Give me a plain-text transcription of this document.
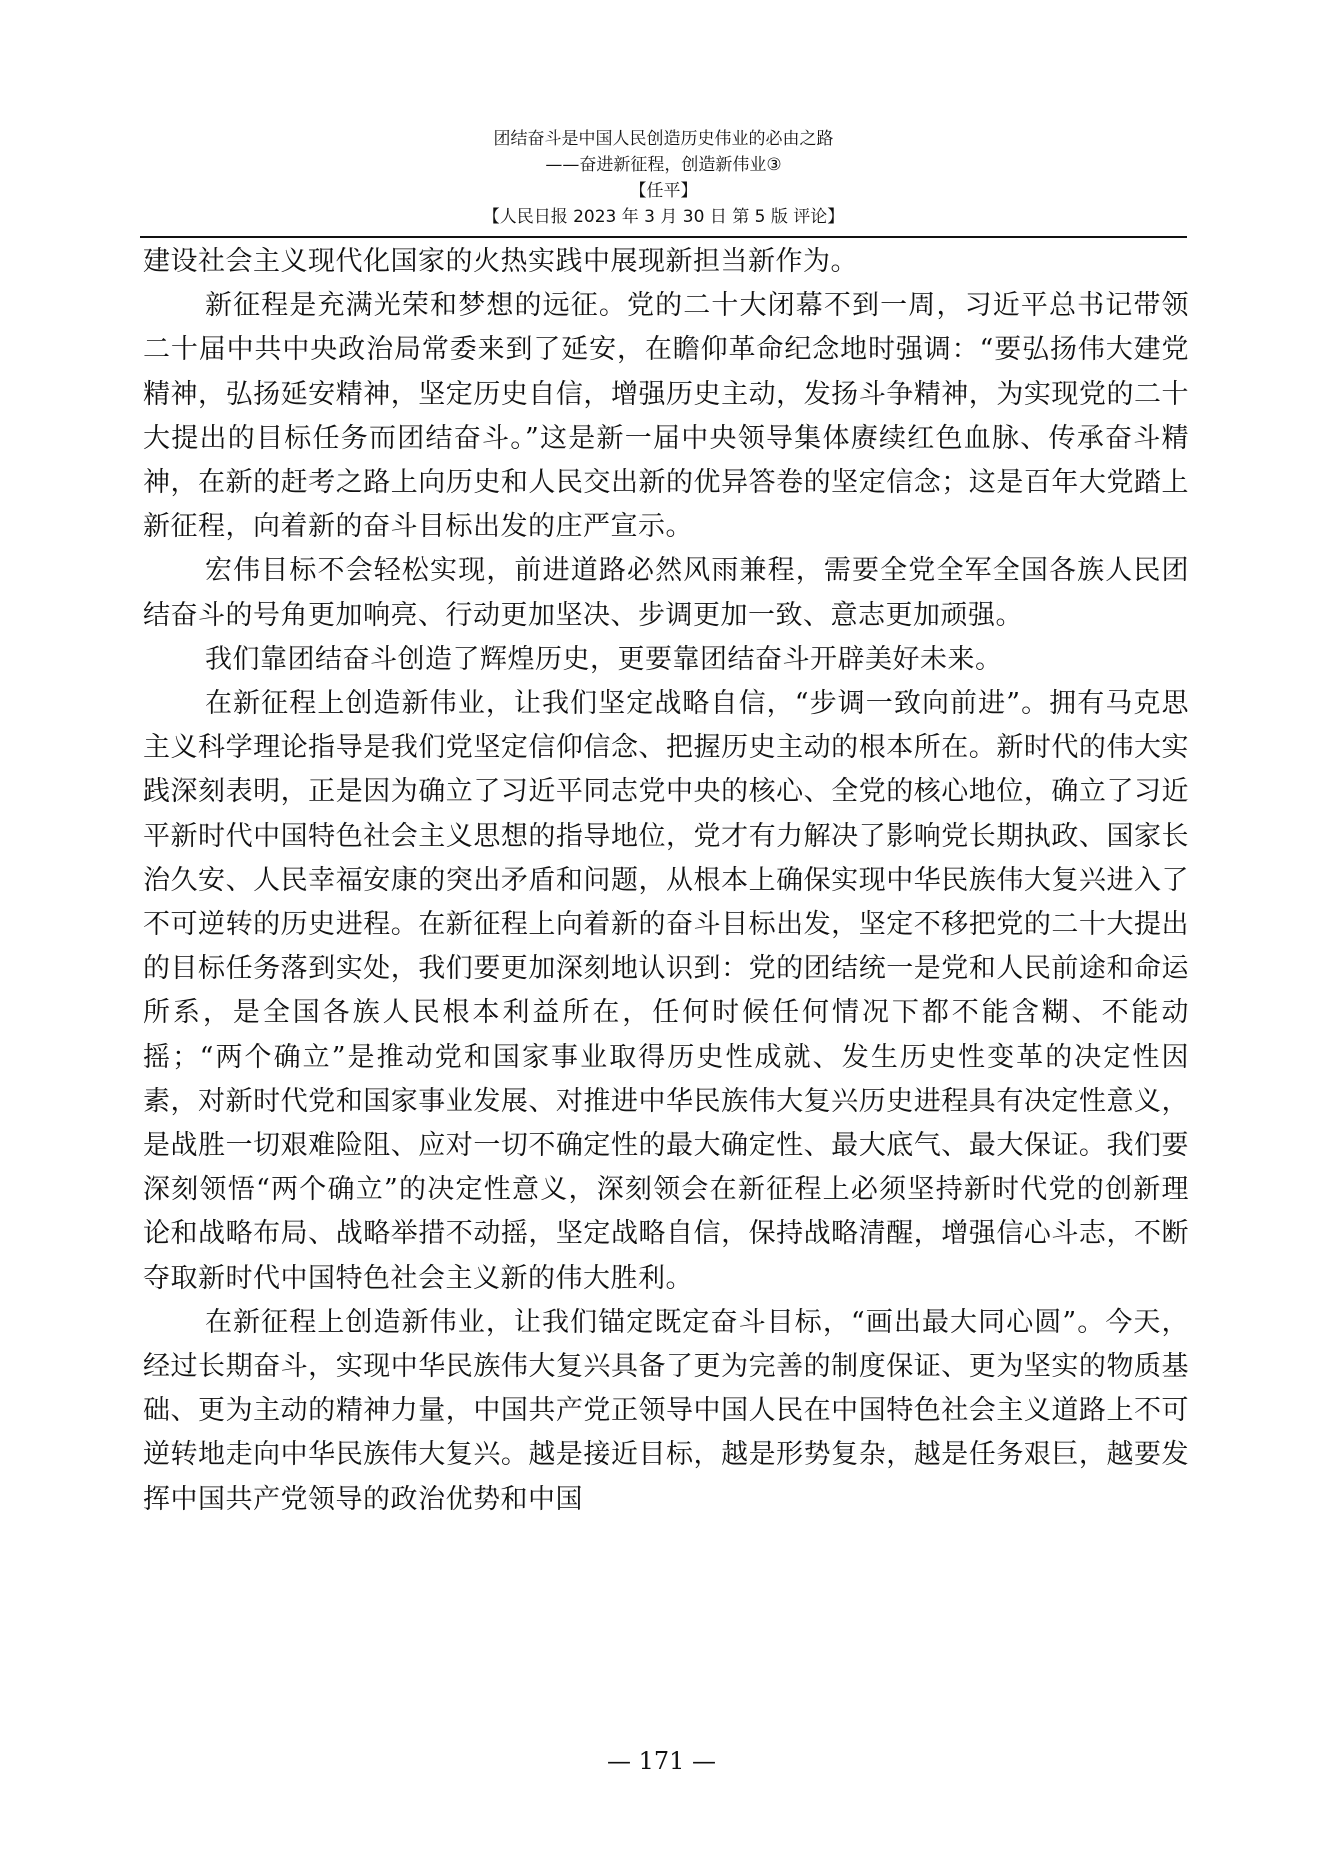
团结奋斗是中国人民创造历史伟业的必由之路
——奋进新征程，创造新伟业③
【任平】
【人民日报 2023 年 3 月 30 日 第 5 版 评论】

建设社会主义现代化国家的火热实践中展现新担当新作为。

新征程是充满光荣和梦想的远征。党的二十大闭幕不到一周，习近平总书记带领二十届中共中央政治局常委来到了延安，在瞻仰革命纪念地时强调：“要弘扬伟大建党精神，弘扬延安精神，坚定历史自信，增强历史主动，发扬斗争精神，为实现党的二十大提出的目标任务而团结奋斗。”这是新一届中央领导集体赓续红色血脉、传承奋斗精神，在新的赶考之路上向历史和人民交出新的优异答卷的坚定信念；这是百年大党踏上新征程，向着新的奋斗目标出发的庄严宣示。

宏伟目标不会轻松实现，前进道路必然风雨兼程，需要全党全军全国各族人民团结奋斗的号角更加响亮、行动更加坚决、步调更加一致、意志更加顽强。

我们靠团结奋斗创造了辉煌历史，更要靠团结奋斗开辟美好未来。

在新征程上创造新伟业，让我们坚定战略自信，“步调一致向前进”。拥有马克思主义科学理论指导是我们党坚定信仰信念、把握历史主动的根本所在。新时代的伟大实践深刻表明，正是因为确立了习近平同志党中央的核心、全党的核心地位，确立了习近平新时代中国特色社会主义思想的指导地位，党才有力解决了影响党长期执政、国家长治久安、人民幸福安康的突出矛盾和问题，从根本上确保实现中华民族伟大复兴进入了不可逆转的历史进程。在新征程上向着新的奋斗目标出发，坚定不移把党的二十大提出的目标任务落到实处，我们要更加深刻地认识到：党的团结统一是党和人民前途和命运所系，是全国各族人民根本利益所在，任何时候任何情况下都不能含糊、不能动摇；“两个确立”是推动党和国家事业取得历史性成就、发生历史性变革的决定性因素，对新时代党和国家事业发展、对推进中华民族伟大复兴历史进程具有决定性意义，是战胜一切艰难险阻、应对一切不确定性的最大确定性、最大底气、最大保证。我们要深刻领悟“两个确立”的决定性意义，深刻领会在新征程上必须坚持新时代党的创新理论和战略布局、战略举措不动摇，坚定战略自信，保持战略清醒，增强信心斗志，不断夺取新时代中国特色社会主义新的伟大胜利。

在新征程上创造新伟业，让我们锚定既定奋斗目标，“画出最大同心圆”。今天，经过长期奋斗，实现中华民族伟大复兴具备了更为完善的制度保证、更为坚实的物质基础、更为主动的精神力量，中国共产党正领导中国人民在中国特色社会主义道路上不可逆转地走向中华民族伟大复兴。越是接近目标，越是形势复杂，越是任务艰巨，越要发挥中国共产党领导的政治优势和中国

— 171 —
